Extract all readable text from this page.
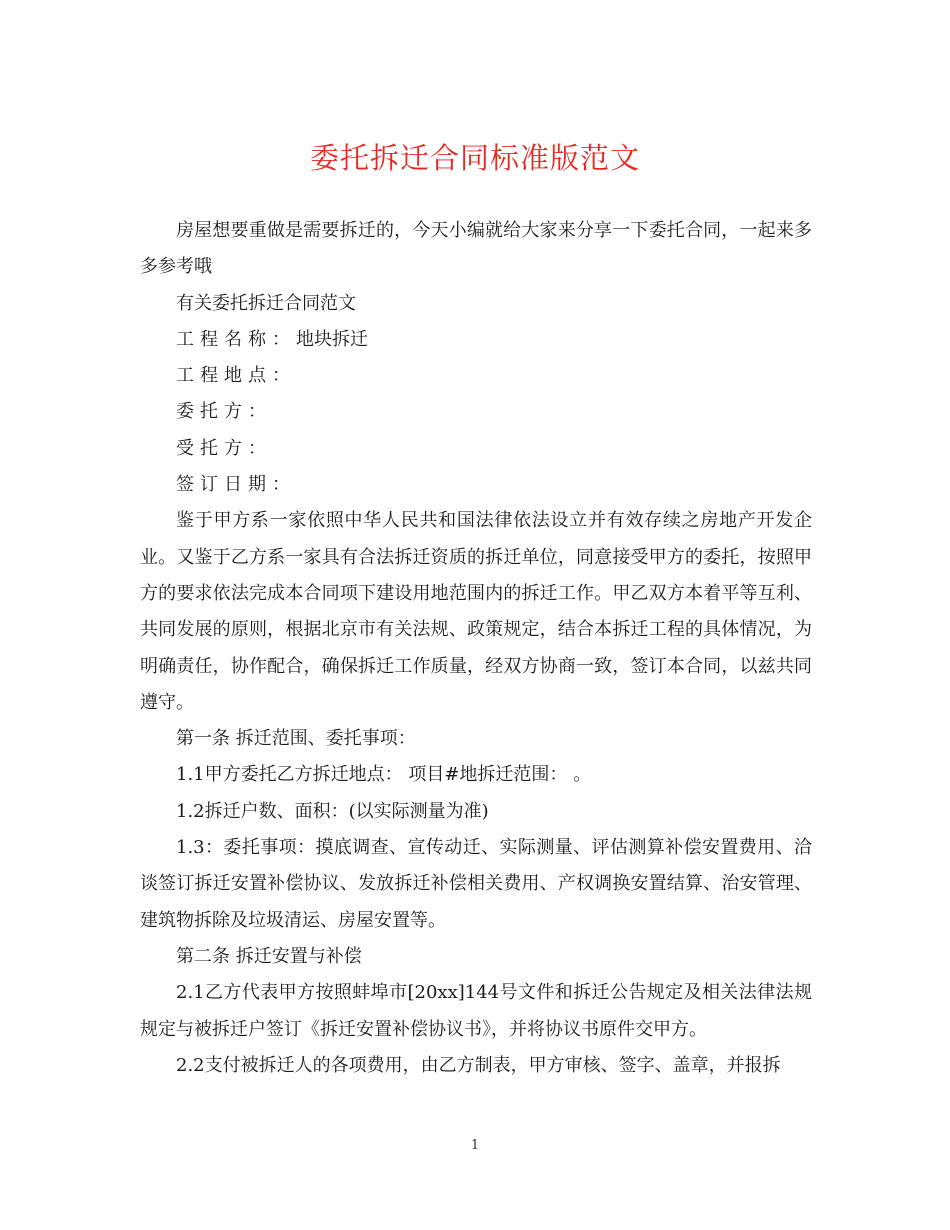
委托拆迁合同标准版范文

房屋想要重做是需要拆迁的，今天小编就给大家来分享一下委托合同，一起来多多参考哦

有关委托拆迁合同范文

工程名称：地块拆迁

工程地点：

委托方：

受托方：

签订日期：

鉴于甲方系一家依照中华人民共和国法律依法设立并有效存续之房地产开发企业。又鉴于乙方系一家具有合法拆迁资质的拆迁单位，同意接受甲方的委托，按照甲方的要求依法完成本合同项下建设用地范围内的拆迁工作。甲乙双方本着平等互利、共同发展的原则，根据北京市有关法规、政策规定，结合本拆迁工程的具体情况，为明确责任，协作配合，确保拆迁工作质量，经双方协商一致，签订本合同，以兹共同遵守。

第一条 拆迁范围、委托事项：

1.1甲方委托乙方拆迁地点： 项目#地拆迁范围： 。

1.2拆迁户数、面积：(以实际测量为准)

1.3：委托事项：摸底调查、宣传动迁、实际测量、评估测算补偿安置费用、洽谈签订拆迁安置补偿协议、发放拆迁补偿相关费用、产权调换安置结算、治安管理、建筑物拆除及垃圾清运、房屋安置等。

第二条 拆迁安置与补偿

2.1乙方代表甲方按照蚌埠市[20xx]144号文件和拆迁公告规定及相关法律法规规定与被拆迁户签订《拆迁安置补偿协议书》，并将协议书原件交甲方。

2.2支付被拆迁人的各项费用，由乙方制表，甲方审核、签字、盖章，并报拆

1
